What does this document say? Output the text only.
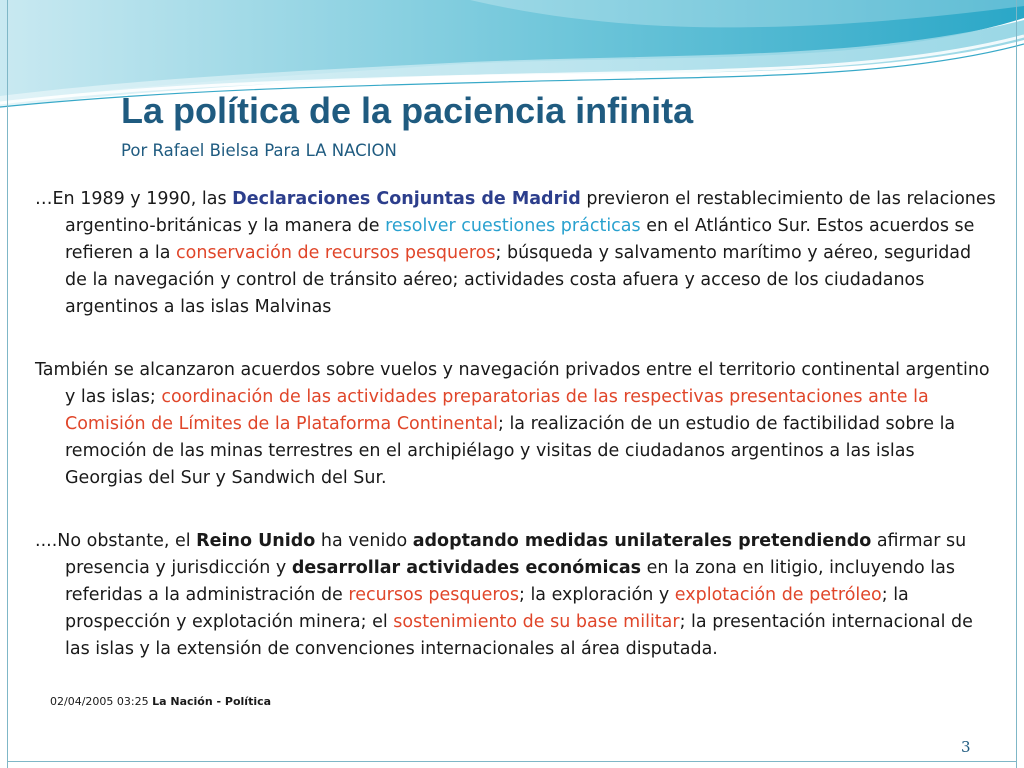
La política de la paciencia infinita
Por Rafael Bielsa Para LA NACION

…En 1989 y 1990, las Declaraciones Conjuntas de Madrid previeron el restablecimiento de las relaciones argentino-británicas y la manera de resolver cuestiones prácticas en el Atlántico Sur. Estos acuerdos se refieren a la conservación de recursos pesqueros; búsqueda y salvamento marítimo y aéreo, seguridad de la navegación y control de tránsito aéreo; actividades costa afuera y acceso de los ciudadanos argentinos a las islas Malvinas

También se alcanzaron acuerdos sobre vuelos y navegación privados entre el territorio continental argentino y las islas; coordinación de las actividades preparatorias de las respectivas presentaciones ante la Comisión de Límites de la Plataforma Continental; la realización de un estudio de factibilidad sobre la remoción de las minas terrestres en el archipiélago y visitas de ciudadanos argentinos a las islas Georgias del Sur y Sandwich del Sur.

....No obstante, el Reino Unido ha venido adoptando medidas unilaterales pretendiendo afirmar su presencia y jurisdicción y desarrollar actividades económicas en la zona en litigio, incluyendo las referidas a la administración de recursos pesqueros; la exploración y explotación de petróleo; la prospección y explotación minera; el sostenimiento de su base militar; la presentación internacional de las islas y la extensión de convenciones internacionales al área disputada.

02/04/2005 03:25 La Nación - Política
3
